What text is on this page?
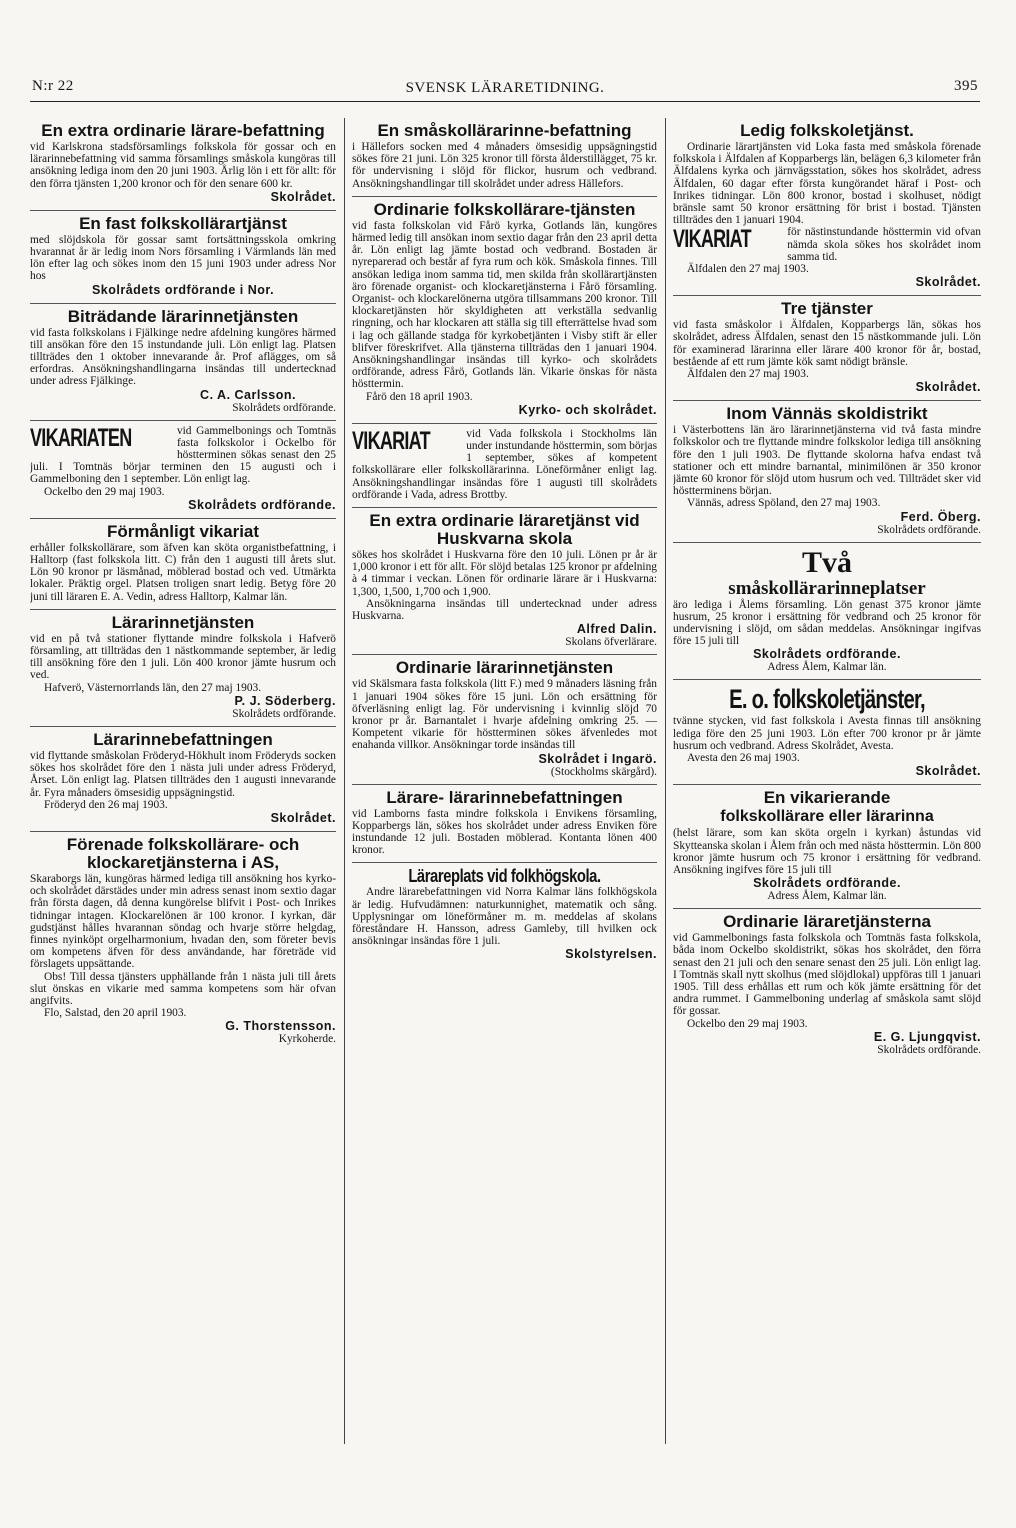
N:r 22	SVENSK LÄRARETIDNING.	395
En extra ordinarie lärare-befattning
vid Karlskrona stadsförsamlings folkskola för gossar och en lärarinnebefattning vid samma församlings småskola kungöras till ansökning lediga inom den 20 juni 1903. Årlig lön i ett för allt: för den förra tjänsten 1,200 kronor och för den senare 600 kr.
Skolrådet.
En fast folkskollärartjänst
med slöjdskola för gossar samt fortsättningsskola omkring hvarannat år är ledig inom Nors församling i Värmlands län med lön efter lag och sökes inom den 15 juni 1903 under adress Nor hos
Skolrådets ordförande i Nor.
Biträdande lärarinnetjänsten
vid fasta folkskolans i Fjälkinge nedre afdelning kungöres härmed till ansökan före den 15 instundande juli. Lön enligt lag. Platsen tillträdes den 1 oktober innevarande år. Prof aflägges, om så erfordras. Ansökningshandlingarna insändas till undertecknad under adress Fjälkinge.
C. A. Carlsson.
Skolrådets ordförande.
VIKARIATEN	vid Gammelbonings och Tomtnäs fasta folkskolor i Ockelbo för höstterminen sökas senast den 25 juli. I Tomtnäs börjar terminen den 15 augusti och i Gammelboning den 1 september. Lön enligt lag.
Ockelbo den 29 maj 1903.
Skolrådets ordförande.
Förmånligt vikariat
erhåller folkskollärare, som äfven kan sköta organistbefattning, i Halltorp (fast folkskola litt. C) från den 1 augusti till årets slut. Lön 90 kronor pr läsmånad, möblerad bostad och ved. Utmärkta lokaler. Präktig orgel. Platsen troligen snart ledig. Betyg före 20 juni till läraren E. A. Vedin, adress Halltorp, Kalmar län.
Lärarinnetjänsten
vid en på två stationer flyttande mindre folkskola i Hafverö församling, att tillträdas den 1 nästkommande september, är ledig till ansökning före den 1 juli. Lön 400 kronor jämte husrum och ved.
Hafverö, Västernorrlands län, den 27 maj 1903.
P. J. Söderberg.
Skolrådets ordförande.
Lärarinnebefattningen
vid flyttande småskolan Fröderyd-Hökhult inom Fröderyds socken sökes hos skolrådet före den 1 nästa juli under adress Fröderyd, Årset. Lön enligt lag. Platsen tillträdes den 1 augusti innevarande år. Fyra månaders ömsesidig uppsägningstid.
Fröderyd den 26 maj 1903.
Skolrådet.
Förenade folkskollärare- och klockaretjänsterna i AS,
Skaraborgs län, kungöras härmed lediga till ansökning hos kyrko- och skolrådet därstädes under min adress senast inom sextio dagar från första dagen, då denna kungörelse blifvit i Post- och Inrikes tidningar intagen. Klockarelönen är 100 kronor. I kyrkan, där gudstjänst hålles hvarannan söndag och hvarje större helgdag, finnes nyinköpt orgelharmonium, hvadan den, som företer bevis om kompetens äfven för dess användande, har företräde vid förslagets uppsättande.
Obs! Till dessa tjänsters upphällande från 1 nästa juli till årets slut önskas en vikarie med samma kompetens som här ofvan angifvits.
Flo, Salstad, den 20 april 1903.
G. Thorstensson.
Kyrkoherde.
En småskollärarinne-befattning
i Hällefors socken med 4 månaders ömsesidig uppsägningstid sökes före 21 juni. Lön 325 kronor till första ålderstillägget, 75 kr. för undervisning i slöjd för flickor, husrum och vedbrand. Ansökningshandlingar till skolrådet under adress Hällefors.
Ordinarie folkskollärare-tjänsten
vid fasta folkskolan vid Fårö kyrka, Gotlands län, kungöres härmed ledig till ansökan inom sextio dagar från den 23 april detta år. Lön enligt lag jämte bostad och vedbrand. Bostaden är nyreparerad och består af fyra rum och kök. Småskola finnes. Till ansökan lediga inom samma tid, men skilda från skollärartjänsten äro förenade organist- och klockaretjänsterna i Fårö församling. Organist- och klockarelönerna utgöra tillsammans 200 kronor. Till klockaretjänsten hör skyldigheten att verkställa sedvanlig ringning, och har klockaren att ställa sig till efterrättelse hvad som i lag och gällande stadga för kyrkobetjänten i Visby stift är eller blifver föreskrifvet. Alla tjänsterna tillträdas den 1 januari 1904. Ansökningshandlingar insändas till kyrko- och skolrådets ordförande, adress Fårö, Gotlands län. Vikarie önskas för nästa hösttermin.
Fårö den 18 april 1903.
Kyrko- och skolrådet.
VIKARIAT	vid Vada folkskola i Stockholms län under instundande hösttermin, som börjas 1 september, sökes af kompetent folkskollärare eller folkskollärarinna. Löneförmåner enligt lag. Ansökningshandlingar insändas före 1 augusti till skolrådets ordförande i Vada, adress Brottby.
En extra ordinarie läraretjänst vid Huskvarna skola
sökes hos skolrådet i Huskvarna före den 10 juli. Lönen pr år är 1,000 kronor i ett för allt. För slöjd betalas 125 kronor pr afdelning à 4 timmar i veckan. Lönen för ordinarie lärare är i Huskvarna: 1,300, 1,500, 1,700 och 1,900.
Ansökningarna insändas till undertecknad under adress Huskvarna.
Alfred Dalin.
Skolans öfverlärare.
Ordinarie lärarinnetjänsten
vid Skälsmara fasta folkskola (litt F.) med 9 månaders läsning från 1 januari 1904 sökes före 15 juni. Lön och ersättning för öfverläsning enligt lag. För undervisning i kvinnlig slöjd 70 kronor pr år. Barnantalet i hvarje afdelning omkring 25. — Kompetent vikarie för höstterminen sökes äfvenledes mot enahanda villkor. Ansökningar torde insändas till
Skolrådet i Ingarö.
(Stockholms skärgård).
Lärare- lärarinnebefattningen
vid Lamborns fasta mindre folkskola i Envikens församling, Kopparbergs län, sökes hos skolrådet under adress Enviken före instundande 12 juli. Bostaden möblerad. Kontanta lönen 400 kronor.
Lärareplats vid folkhögskola.
Andre lärarebefattningen vid Norra Kalmar läns folkhögskola är ledig. Hufvudämnen: naturkunnighet, matematik och sång. Upplysningar om löneförmåner m. m. meddelas af skolans föreståndare H. Hansson, adress Gamleby, till hvilken ock ansökningar insändas före 1 juli.
Skolstyrelsen.
Ledig folkskoletjänst.
Ordinarie lärartjänsten vid Loka fasta med småskola förenade folkskola i Älfdalen af Kopparbergs län, belägen 6,3 kilometer från Älfdalens kyrka och järnvägsstation, sökes hos skolrådet, adress Älfdalen, 60 dagar efter första kungörandet häraf i Post- och Inrikes tidningar. Lön 800 kronor, bostad i skolhuset, nödigt bränsle samt 50 kronor ersättning för brist i bostad. Tjänsten tillträdes den 1 januari 1904.
VIKARIAT	för nästinstundande hösttermin vid ofvan nämda skola sökes hos skolrådet inom samma tid.
Älfdalen den 27 maj 1903.
Skolrådet.
Tre tjänster
vid fasta småskolor i Älfdalen, Kopparbergs län, sökas hos skolrådet, adress Älfdalen, senast den 15 nästkommande juli. Lön för examinerad lärarinna eller lärare 400 kronor för år, bostad, bestående af ett rum jämte kök samt nödigt bränsle.
Älfdalen den 27 maj 1903.
Skolrådet.
Inom Vännäs skoldistrikt
i Västerbottens län äro lärarinnetjänsterna vid två fasta mindre folkskolor och tre flyttande mindre folkskolor lediga till ansökning före den 1 juli 1903. De flyttande skolorna hafva endast två stationer och ett mindre barnantal, minimilönen är 350 kronor jämte 60 kronor för slöjd utom husrum och ved. Tillträdet sker vid höstterminens början.
Vännäs, adress Spöland, den 27 maj 1903.
Ferd. Öberg.
Skolrådets ordförande.
Två
småskollärarinneplatser
äro lediga i Ålems församling. Lön genast 375 kronor jämte husrum, 25 kronor i ersättning för vedbrand och 25 kronor för undervisning i slöjd, om sådan meddelas. Ansökningar ingifvas före 15 juli till
Skolrådets ordförande.
Adress Ålem, Kalmar län.
E. o. folkskoletjänster,
tvänne stycken, vid fast folkskola i Avesta finnas till ansökning lediga före den 25 juni 1903. Lön efter 700 kronor pr år jämte husrum och vedbrand. Adress Skolrådet, Avesta.
Avesta den 26 maj 1903.
Skolrådet.
En vikarierande
folkskollärare eller lärarinna
(helst lärare, som kan sköta orgeln i kyrkan) åstundas vid Skytteanska skolan i Ålem från och med nästa hösttermin. Lön 800 kronor jämte husrum och 75 kronor i ersättning för vedbrand. Ansökning ingifves före 15 juli till
Skolrådets ordförande.
Adress Ålem, Kalmar län.
Ordinarie läraretjänsterna
vid Gammelbonings fasta folkskola och Tomtnäs fasta folkskola, båda inom Ockelbo skoldistrikt, sökas hos skolrådet, den förra senast den 21 juli och den senare senast den 25 juli. Lön enligt lag. I Tomtnäs skall nytt skolhus (med slöjdlokal) uppföras till 1 januari 1905. Till dess erhållas ett rum och kök jämte ersättning för det andra rummet. I Gammelboning underlag af småskola samt slöjd för gossar.
Ockelbo den 29 maj 1903.
E. G. Ljungqvist.
Skolrådets ordförande.
